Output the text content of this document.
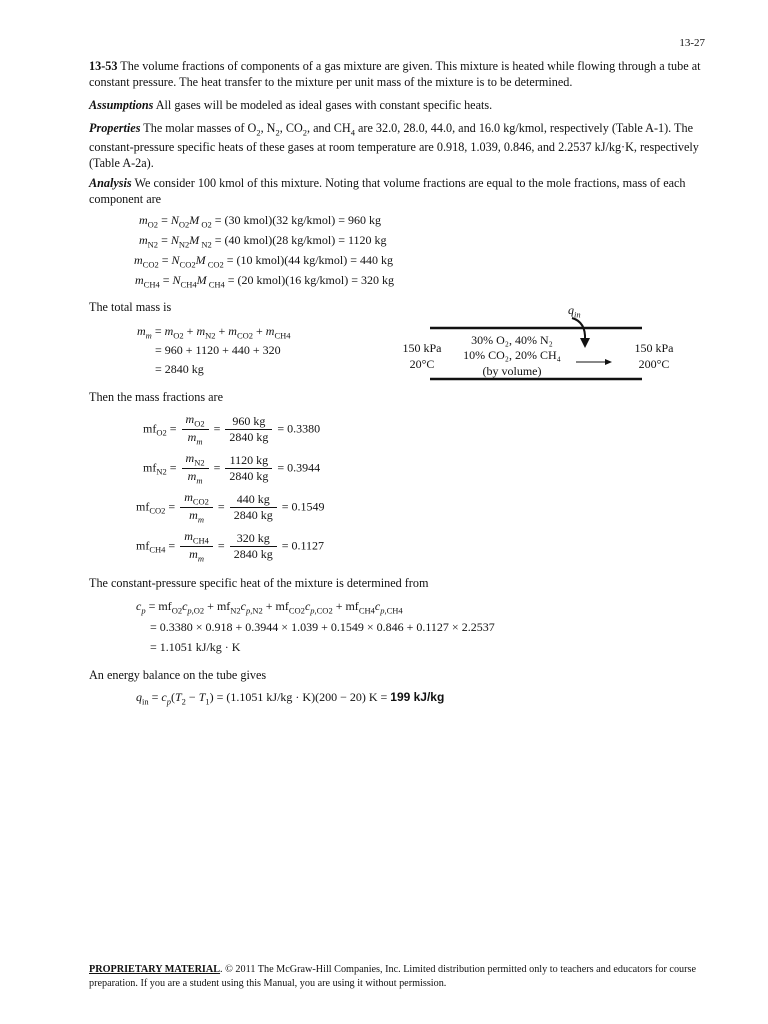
13-27
13-53 The volume fractions of components of a gas mixture are given. This mixture is heated while flowing through a tube at constant pressure. The heat transfer to the mixture per unit mass of the mixture is to be determined.
Assumptions All gases will be modeled as ideal gases with constant specific heats.
Properties The molar masses of $O_2$, $N_2$, $CO_2$, and $CH_4$ are 32.0, 28.0, 44.0, and 16.0 kg/kmol, respectively (Table A-1). The constant-pressure specific heats of these gases at room temperature are 0.918, 1.039, 0.846, and 2.2537 kJ/kg·K, respectively (Table A-2a).
Analysis We consider 100 kmol of this mixture. Noting that volume fractions are equal to the mole fractions, mass of each component are
$m_{O2} = N_{O2}M$ $_{O2}$ = (30 kmol)(32 kg/kmol) = 960 kg
$m_{N2} = N_{N2}M$ $_{N2}$ = (40 kmol)(28 kg/kmol) = 1120 kg
$m_{CO2} = N_{CO2}M$ $_{CO2}$ = (10 kmol)(44 kg/kmol) = 440 kg
$m_{CH4} = N_{CH4}M$ $_{CH4}$ = (20 kmol)(16 kg/kmol) = 320 kg
The total mass is
$m_m = m_{O2} + m_{N2} + m_{CO2} + m_{CH4}$
= 960 + 1120 + 440 + 320
= 2840 kg
$q_{in}$
150 kPa
20°C
30% O₂, 40% N₂
10% CO₂, 20% CH₄
(by volume)
150 kPa
200°C
Then the mass fractions are
$mf_{O2} = \frac{m_{O2}}{m_m} = \frac{960 kg}{2840 kg} = 0.3380$
$mf_{N2} = \frac{m_{N2}}{m_m} = \frac{1120 kg}{2840 kg} = 0.3944$
$mf_{CO2} = \frac{m_{CO2}}{m_m} = \frac{440 kg}{2840 kg} = 0.1549$
$mf_{CH4} = \frac{m_{CH4}}{m_m} = \frac{320 kg}{2840 kg} = 0.1127$
The constant-pressure specific heat of the mixture is determined from
$c_p = mf_{O2}c_{p,O2} + mf_{N2}c_{p,N2} + mf_{CO2}c_{p,CO2} + mf_{CH4}c_{p,CH4}$
= 0.3380 × 0.918 + 0.3944 × 1.039 + 0.1549 × 0.846 + 0.1127 × 2.2537
= 1.1051 kJ/kg · K
An energy balance on the tube gives
$q_{in} = c_p(T_2 - T_1) = (1.1051$ kJ/kg · K)(200 − 20) K = 199 kJ/kg
PROPRIETARY MATERIAL. © 2011 The McGraw-Hill Companies, Inc. Limited distribution permitted only to teachers and educators for course preparation. If you are a student using this Manual, you are using it without permission.
